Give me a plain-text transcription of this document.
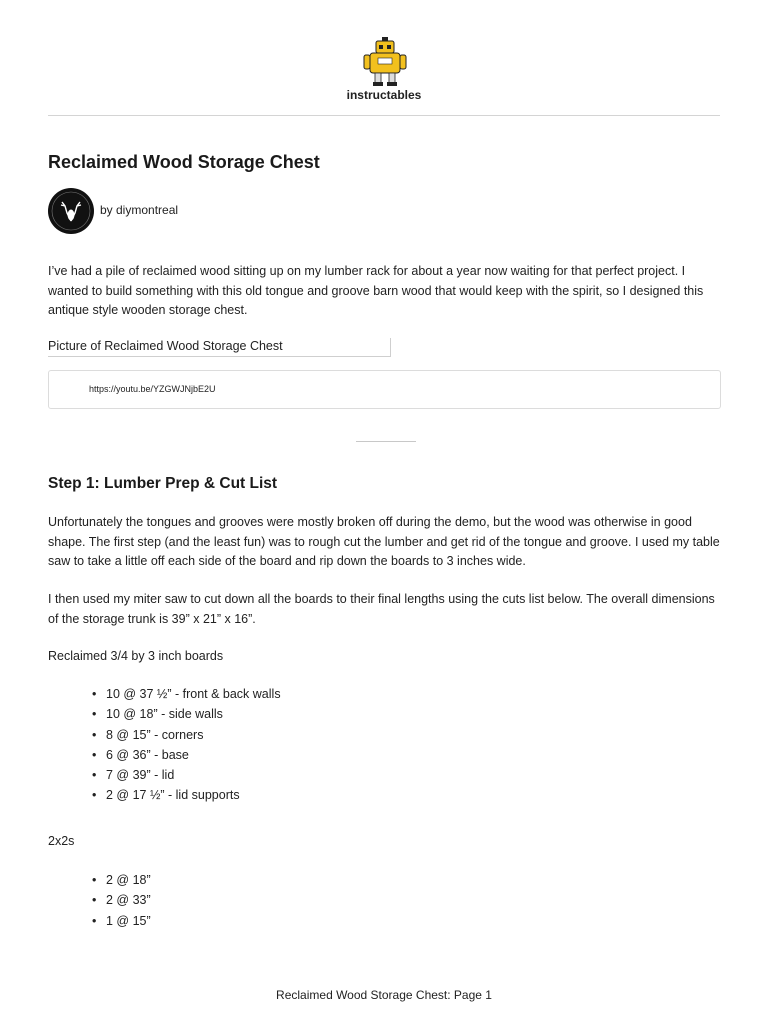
instructables
Reclaimed Wood Storage Chest
by diymontreal

I’ve had a pile of reclaimed wood sitting up on my lumber rack for about a year now waiting for that perfect project. I wanted to build something with this old tongue and groove barn wood that would keep with the spirit, so I designed this antique style wooden storage chest.

Picture of Reclaimed Wood Storage Chest
https://youtu.be/YZGWJNjbE2U
Step 1: Lumber Prep & Cut List

Unfortunately the tongues and grooves were mostly broken off during the demo, but the wood was otherwise in good shape. The first step (and the least fun) was to rough cut the lumber and get rid of the tongue and groove. I used my table saw to take a little off each side of the board and rip down the boards to 3 inches wide.

I then used my miter saw to cut down all the boards to their final lengths using the cuts list below. The overall dimensions of the storage trunk is 39” x 21” x 16”.

Reclaimed 3/4 by 3 inch boards

• 10 @ 37 ½” - front & back walls
• 10 @ 18” - side walls
• 8 @ 15” - corners
• 6 @ 36” - base
• 7 @ 39” - lid
• 2 @ 17 ½” - lid supports

2x2s

• 2 @ 18”
• 2 @ 33”
• 1 @ 15”
Reclaimed Wood Storage Chest: Page 1
